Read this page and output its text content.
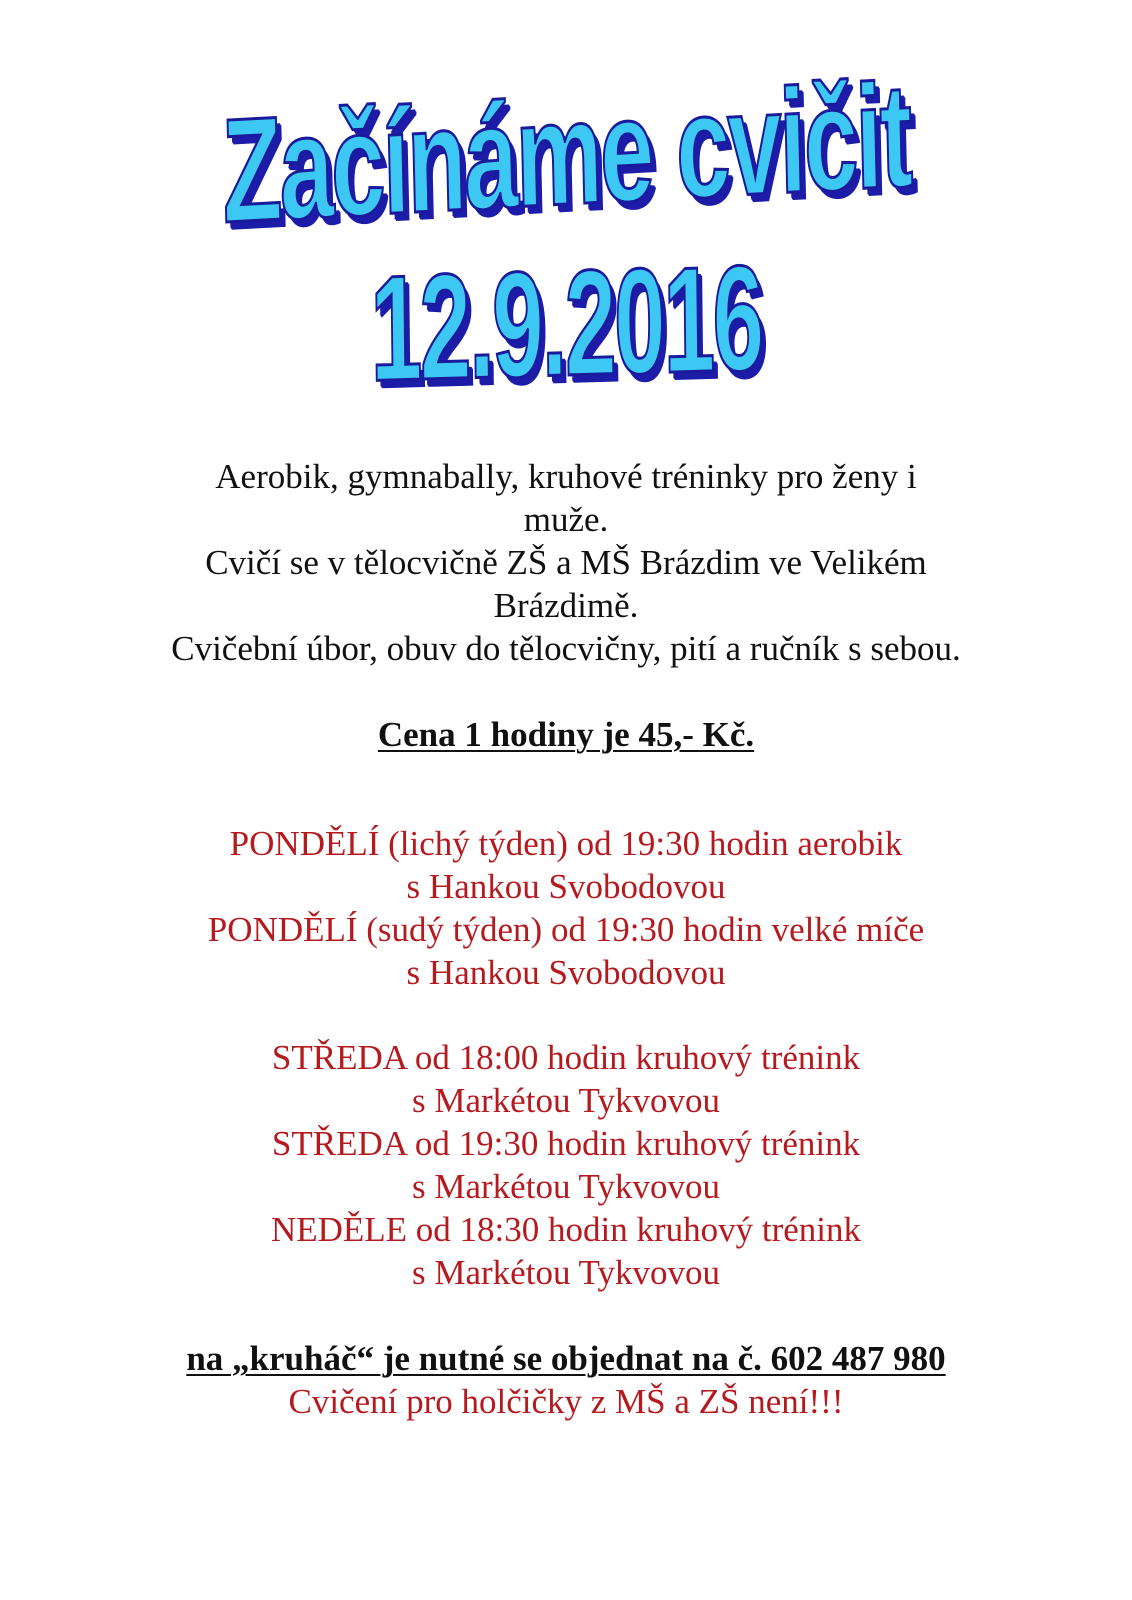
Začínáme cvičit
12.9.2016
Aerobik, gymnabally, kruhové tréninky pro ženy i
muže.
Cvičí se v tělocvičně ZŠ a MŠ Brázdim ve Velikém
Brázdimě.
Cvičební úbor, obuv do tělocvičny, pití a ručník s sebou.
Cena 1 hodiny je 45,- Kč.
PONDĚLÍ (lichý týden) od 19:30 hodin aerobik
s Hankou Svobodovou
PONDĚLÍ (sudý týden) od 19:30 hodin velké míče
s Hankou Svobodovou
STŘEDA od 18:00 hodin kruhový trénink
s Markétou Tykvovou
STŘEDA od 19:30 hodin kruhový trénink
s Markétou Tykvovou
NEDĚLE od 18:30 hodin kruhový trénink
s Markétou Tykvovou
na „kruháč“ je nutné se objednat na č. 602 487 980
Cvičení pro holčičky z MŠ a ZŠ není!!!
